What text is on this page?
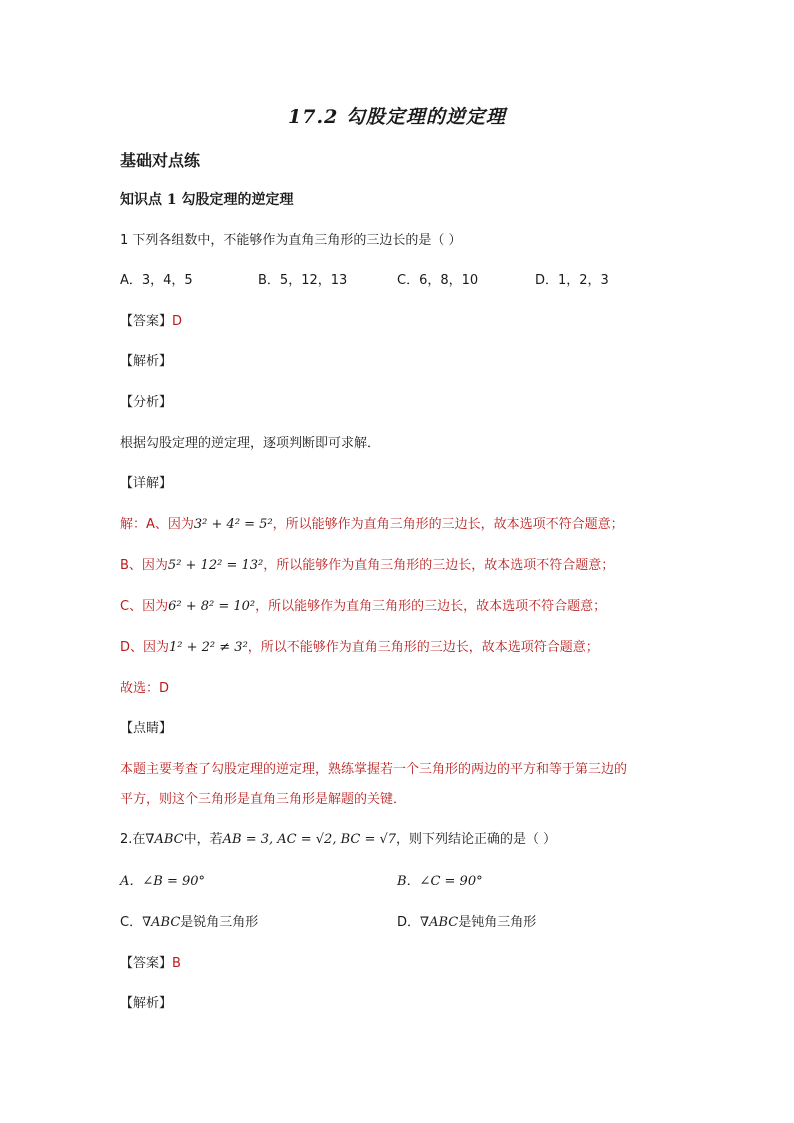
17.2 勾股定理的逆定理
基础对点练
知识点 1 勾股定理的逆定理
1 下列各组数中，不能够作为直角三角形的三边长的是（ ）
A．3，4，5	B．5，12，13	C．6，8，10	D．1，2，3
【答案】D
【解析】
【分析】
根据勾股定理的逆定理，逐项判断即可求解．
【详解】
解：A、因为3² + 4² = 5²，所以能够作为直角三角形的三边长，故本选项不符合题意；
B、因为5² + 12² = 13²，所以能够作为直角三角形的三边长，故本选项不符合题意；
C、因为6² + 8² = 10²，所以能够作为直角三角形的三边长，故本选项不符合题意；
D、因为1² + 2² ≠ 3²，所以不能够作为直角三角形的三边长，故本选项符合题意；
故选：D
【点睛】
本题主要考查了勾股定理的逆定理，熟练掌握若一个三角形的两边的平方和等于第三边的
平方，则这个三角形是直角三角形是解题的关键．
2.在∇ABC中，若AB = 3, AC = √2, BC = √7，则下列结论正确的是（ ）
A．∠B = 90°	B．∠C = 90°
C．∇ABC是锐角三角形	D．∇ABC是钝角三角形
【答案】B
【解析】
